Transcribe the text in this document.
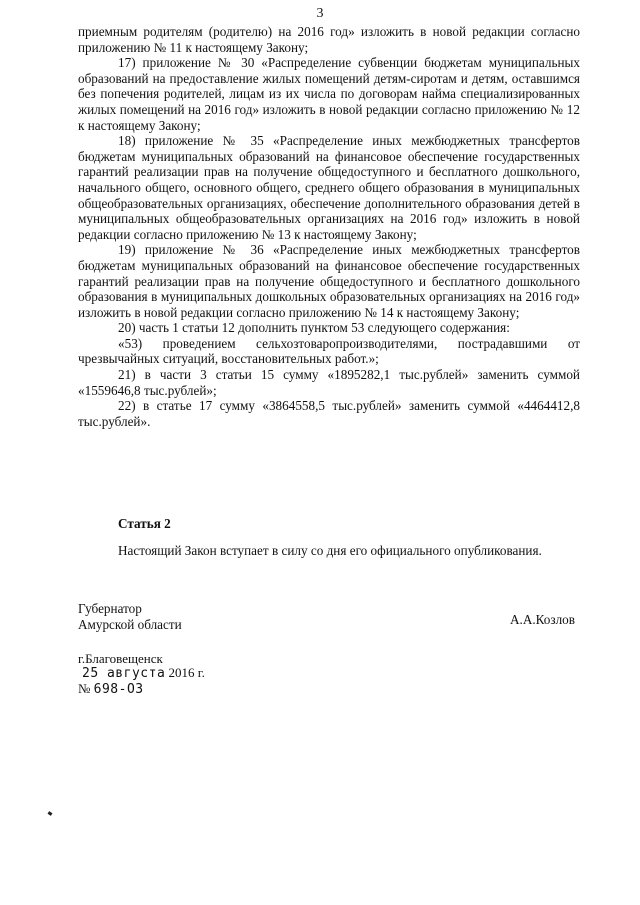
3

приемным родителям (родителю) на 2016 год» изложить в новой редакции согласно приложению № 11 к настоящему Закону;

17) приложение № 30 «Распределение субвенции бюджетам муниципальных образований на предоставление жилых помещений детям-сиротам и детям, оставшимся без попечения родителей, лицам из их числа по договорам найма специализированных жилых помещений на 2016 год» изложить в новой редакции согласно приложению № 12 к настоящему Закону;

18) приложение № 35 «Распределение иных межбюджетных трансфертов бюджетам муниципальных образований на финансовое обеспечение государственных гарантий реализации прав на получение общедоступного и бесплатного дошкольного, начального общего, основного общего, среднего общего образования в муниципальных общеобразовательных организациях, обеспечение дополнительного образования детей в муниципальных общеобразовательных организациях на 2016 год» изложить в новой редакции согласно приложению № 13 к настоящему Закону;

19) приложение № 36 «Распределение иных межбюджетных трансфертов бюджетам муниципальных образований на финансовое обеспечение государственных гарантий реализации прав на получение общедоступного и бесплатного дошкольного образования в муниципальных дошкольных образовательных организациях на 2016 год» изложить в новой редакции согласно приложению № 14 к настоящему Закону;

20) часть 1 статьи 12 дополнить пунктом 53 следующего содержания:

«53) проведением сельхозтоваропроизводителями, пострадавшими от чрезвычайных ситуаций, восстановительных работ.»;

21) в части 3 статьи 15 сумму «1895282,1 тыс.рублей» заменить суммой «1559646,8 тыс.рублей»;

22) в статье 17 сумму «3864558,5 тыс.рублей» заменить суммой «4464412,8 тыс.рублей».

Статья 2
Настоящий Закон вступает в силу со дня его официального опубликования.
Губернатор
Амурской области	А.А.Козлов
г.Благовещенск
25 августа 2016 г.
№ 698-ОЗ
